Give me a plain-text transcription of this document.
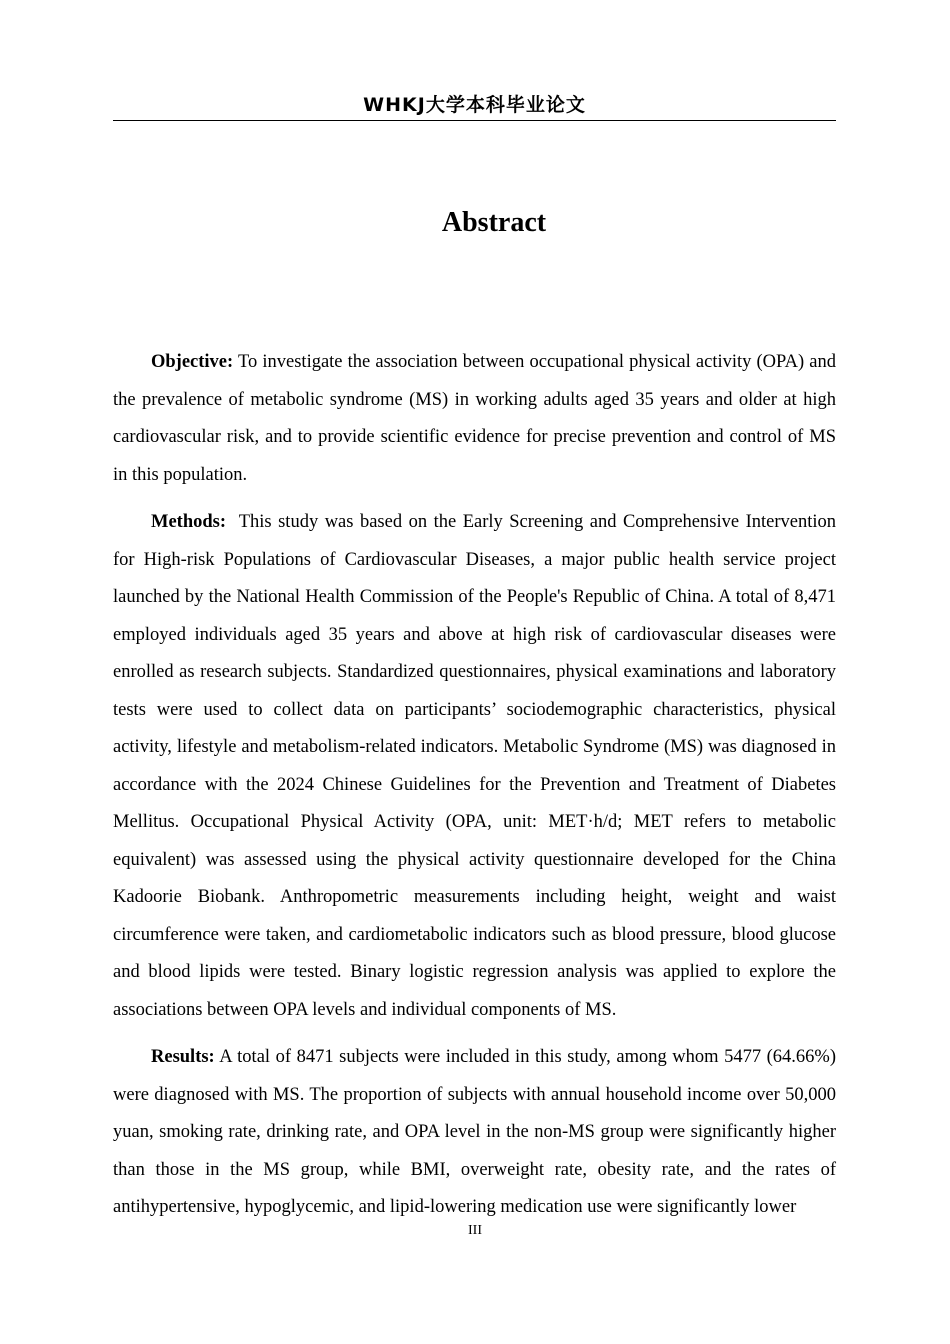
WHKJ大学本科毕业论文
Abstract

Objective: To investigate the association between occupational physical activity (OPA) and the prevalence of metabolic syndrome (MS) in working adults aged 35 years and older at high cardiovascular risk, and to provide scientific evidence for precise prevention and control of MS in this population.

Methods:  This study was based on the Early Screening and Comprehensive Intervention for High-risk Populations of Cardiovascular Diseases, a major public health service project launched by the National Health Commission of the People's Republic of China. A total of 8,471 employed individuals aged 35 years and above at high risk of cardiovascular diseases were enrolled as research subjects. Standardized questionnaires, physical examinations and laboratory tests were used to collect data on participants’ sociodemographic characteristics, physical activity, lifestyle and metabolism-related indicators. Metabolic Syndrome (MS) was diagnosed in accordance with the 2024 Chinese Guidelines for the Prevention and Treatment of Diabetes Mellitus. Occupational Physical Activity (OPA, unit: MET·h/d; MET refers to metabolic equivalent) was assessed using the physical activity questionnaire developed for the China Kadoorie Biobank. Anthropometric measurements including height, weight and waist circumference were taken, and cardiometabolic indicators such as blood pressure, blood glucose and blood lipids were tested. Binary logistic regression analysis was applied to explore the associations between OPA levels and individual components of MS.

Results: A total of 8471 subjects were included in this study, among whom 5477 (64.66%) were diagnosed with MS. The proportion of subjects with annual household income over 50,000 yuan, smoking rate, drinking rate, and OPA level in the non-MS group were significantly higher than those in the MS group, while BMI, overweight rate, obesity rate, and the rates of antihypertensive, hypoglycemic, and lipid-lowering medication use were significantly lower

III
